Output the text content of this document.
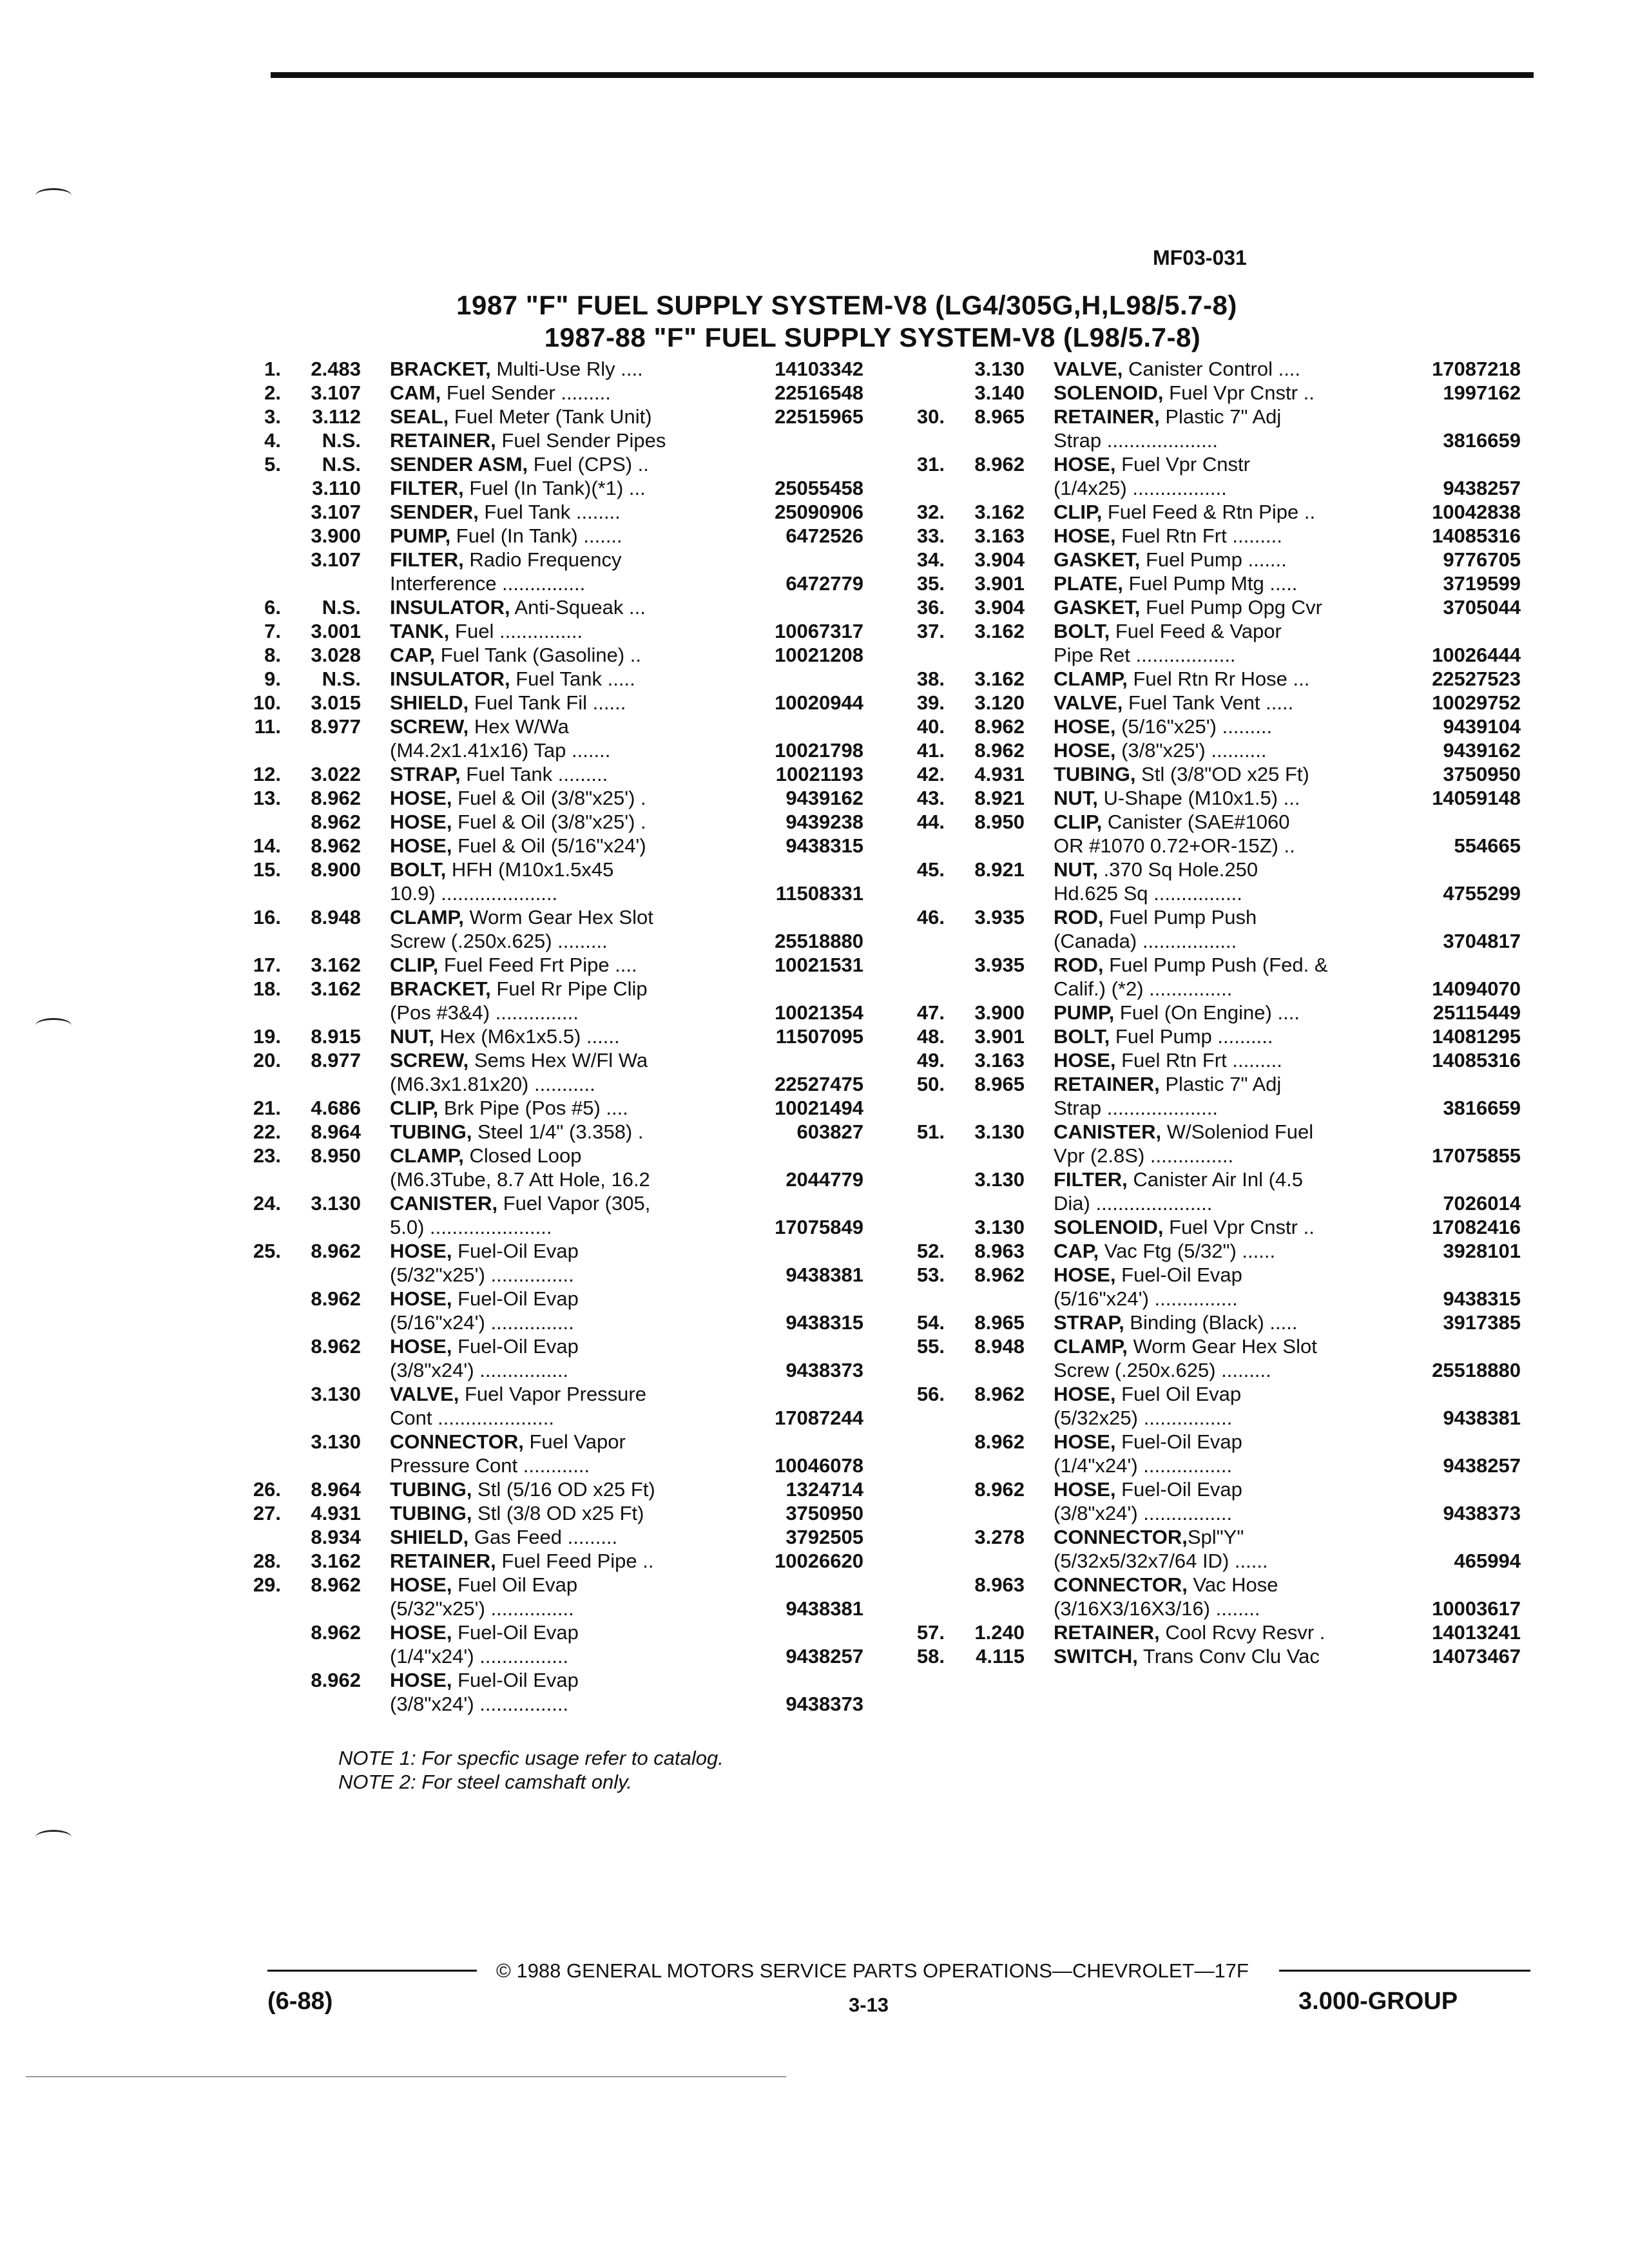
MF03-031
1987 "F" FUEL SUPPLY SYSTEM-V8 (LG4/305G,H,L98/5.7-8)
1987-88 "F" FUEL SUPPLY SYSTEM-V8 (L98/5.7-8)
1.	2.483 BRACKET, Multi-Use Rly ....	14103342
2.	3.107 CAM, Fuel Sender .........	22516548
3.	3.112 SEAL, Fuel Meter (Tank Unit)	22515965
4.	N.S. RETAINER, Fuel Sender Pipes
5.	N.S. SENDER ASM, Fuel (CPS) ..
3.110 FILTER, Fuel (In Tank)(*1) ...	25055458
3.107 SENDER, Fuel Tank ........	25090906
3.900 PUMP, Fuel (In Tank) .......	6472526
3.107 FILTER, Radio Frequency
Interference ...............	6472779
6.	N.S. INSULATOR, Anti-Squeak ...
7.	3.001 TANK, Fuel ...............	10067317
8.	3.028 CAP, Fuel Tank (Gasoline) ..	10021208
9.	N.S. INSULATOR, Fuel Tank .....
10.	3.015 SHIELD, Fuel Tank Fil ......	10020944
11.	8.977 SCREW, Hex W/Wa
(M4.2x1.41x16) Tap .......	10021798
12.	3.022 STRAP, Fuel Tank .........	10021193
13.	8.962 HOSE, Fuel & Oil (3/8"x25') .	9439162
8.962 HOSE, Fuel & Oil (3/8"x25') .	9439238
14.	8.962 HOSE, Fuel & Oil (5/16"x24')	9438315
15.	8.900 BOLT, HFH (M10x1.5x45
10.9) .....................	11508331
16.	8.948 CLAMP, Worm Gear Hex Slot
Screw (.250x.625) .........	25518880
17.	3.162 CLIP, Fuel Feed Frt Pipe ....	10021531
18.	3.162 BRACKET, Fuel Rr Pipe Clip
(Pos #3&4) ...............	10021354
19.	8.915 NUT, Hex (M6x1x5.5) ......	11507095
20.	8.977 SCREW, Sems Hex W/Fl Wa
(M6.3x1.81x20) ...........	22527475
21.	4.686 CLIP, Brk Pipe (Pos #5) ....	10021494
22.	8.964 TUBING, Steel 1/4" (3.358) .	603827
23.	8.950 CLAMP, Closed Loop
(M6.3Tube, 8.7 Att Hole, 16.2	2044779
24.	3.130 CANISTER, Fuel Vapor (305,
5.0) ......................	17075849
25.	8.962 HOSE, Fuel-Oil Evap
(5/32"x25') ...............	9438381
8.962 HOSE, Fuel-Oil Evap
(5/16"x24') ...............	9438315
8.962 HOSE, Fuel-Oil Evap
(3/8"x24') ................	9438373
3.130 VALVE, Fuel Vapor Pressure
Cont .....................	17087244
3.130 CONNECTOR, Fuel Vapor
Pressure Cont ............	10046078
26.	8.964 TUBING, Stl (5/16 OD x25 Ft)	1324714
27.	4.931 TUBING, Stl (3/8 OD x25 Ft)	3750950
8.934 SHIELD, Gas Feed .........	3792505
28.	3.162 RETAINER, Fuel Feed Pipe ..	10026620
29.	8.962 HOSE, Fuel Oil Evap
(5/32"x25') ...............	9438381
8.962 HOSE, Fuel-Oil Evap
(1/4"x24') ................	9438257
8.962 HOSE, Fuel-Oil Evap
(3/8"x24') ................	9438373
3.130 VALVE, Canister Control ....	17087218
3.140 SOLENOID, Fuel Vpr Cnstr ..	1997162
30.	8.965 RETAINER, Plastic 7" Adj
Strap ....................	3816659
31.	8.962 HOSE, Fuel Vpr Cnstr
(1/4x25) .................	9438257
32.	3.162 CLIP, Fuel Feed & Rtn Pipe ..	10042838
33.	3.163 HOSE, Fuel Rtn Frt .........	14085316
34.	3.904 GASKET, Fuel Pump .......	9776705
35.	3.901 PLATE, Fuel Pump Mtg .....	3719599
36.	3.904 GASKET, Fuel Pump Opg Cvr	3705044
37.	3.162 BOLT, Fuel Feed & Vapor
Pipe Ret ..................	10026444
38.	3.162 CLAMP, Fuel Rtn Rr Hose ...	22527523
39.	3.120 VALVE, Fuel Tank Vent .....	10029752
40.	8.962 HOSE, (5/16"x25') .........	9439104
41.	8.962 HOSE, (3/8"x25') ..........	9439162
42.	4.931 TUBING, Stl (3/8"OD x25 Ft)	3750950
43.	8.921 NUT, U-Shape (M10x1.5) ...	14059148
44.	8.950 CLIP, Canister (SAE#1060
OR #1070 0.72+OR-15Z) ..	554665
45.	8.921 NUT, .370 Sq Hole.250
Hd.625 Sq ................	4755299
46.	3.935 ROD, Fuel Pump Push
(Canada) .................	3704817
3.935 ROD, Fuel Pump Push (Fed. &
Calif.) (*2) ...............	14094070
47.	3.900 PUMP, Fuel (On Engine) ....	25115449
48.	3.901 BOLT, Fuel Pump ..........	14081295
49.	3.163 HOSE, Fuel Rtn Frt .........	14085316
50.	8.965 RETAINER, Plastic 7" Adj
Strap ....................	3816659
51.	3.130 CANISTER, W/Soleniod Fuel
Vpr (2.8S) ...............	17075855
3.130 FILTER, Canister Air Inl (4.5
Dia) .....................	7026014
3.130 SOLENOID, Fuel Vpr Cnstr ..	17082416
52.	8.963 CAP, Vac Ftg (5/32") ......	3928101
53.	8.962 HOSE, Fuel-Oil Evap
(5/16"x24') ...............	9438315
54.	8.965 STRAP, Binding (Black) .....	3917385
55.	8.948 CLAMP, Worm Gear Hex Slot
Screw (.250x.625) .........	25518880
56.	8.962 HOSE, Fuel Oil Evap
(5/32x25) ................	9438381
8.962 HOSE, Fuel-Oil Evap
(1/4"x24') ................	9438257
8.962 HOSE, Fuel-Oil Evap
(3/8"x24') ................	9438373
3.278 CONNECTOR,Spl"Y"
(5/32x5/32x7/64 ID) ......	465994
8.963 CONNECTOR, Vac Hose
(3/16X3/16X3/16) ........	10003617
57.	1.240 RETAINER, Cool Rcvy Resvr .	14013241
58.	4.115 SWITCH, Trans Conv Clu Vac	14073467
NOTE 1: For specfic usage refer to catalog.
NOTE 2: For steel camshaft only.
© 1988 GENERAL MOTORS SERVICE PARTS OPERATIONS—CHEVROLET—17F
(6-88)	3-13	3.000-GROUP
